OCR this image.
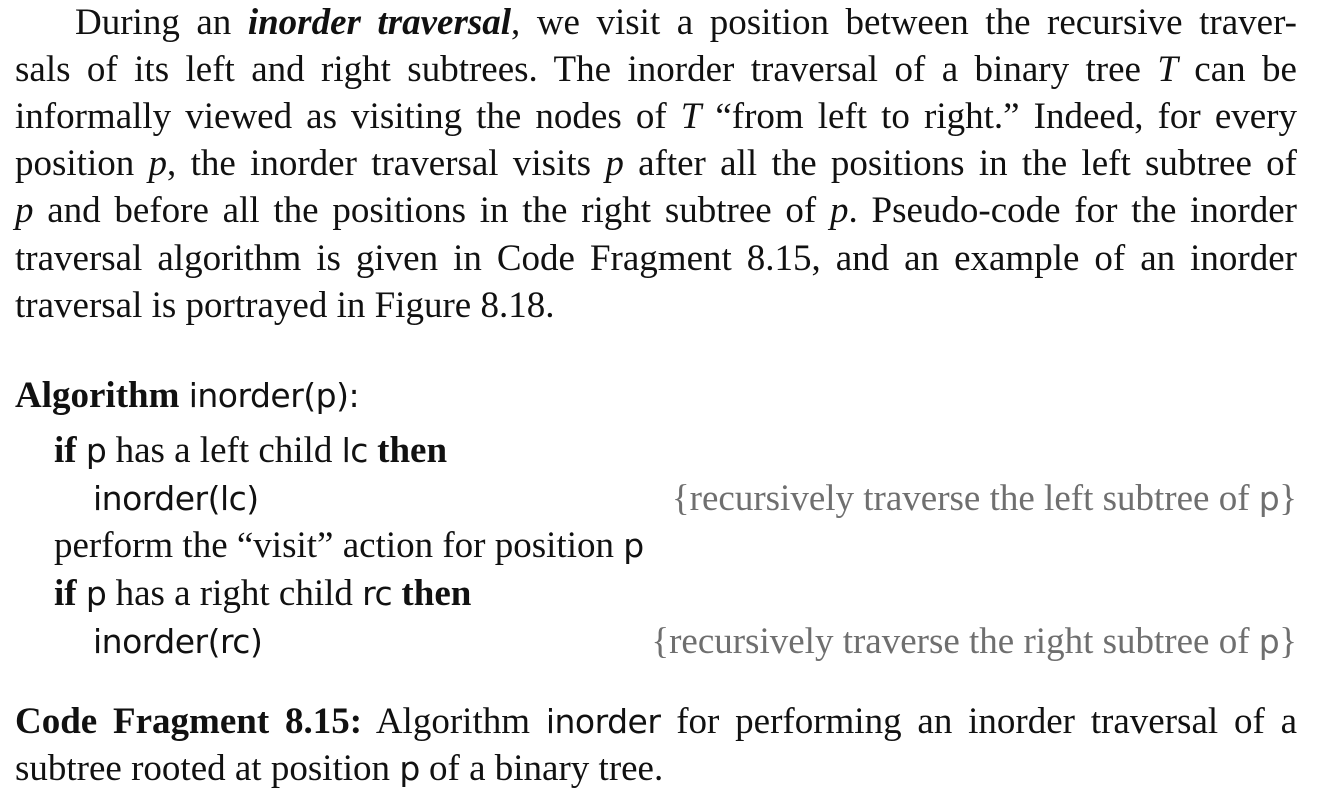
During an inorder traversal, we visit a position between the recursive traver-
sals of its left and right subtrees. The inorder traversal of a binary tree T can be
informally viewed as visiting the nodes of T “from left to right.” Indeed, for every
position p, the inorder traversal visits p after all the positions in the left subtree of
p and before all the positions in the right subtree of p. Pseudo-code for the inorder
traversal algorithm is given in Code Fragment 8.15, and an example of an inorder
traversal is portrayed in Figure 8.18.
Algorithm inorder(p):
if p has a left child lc then
inorder(lc)	{recursively traverse the left subtree of p}
perform the “visit” action for position p
if p has a right child rc then
inorder(rc)	{recursively traverse the right subtree of p}
Code Fragment 8.15: Algorithm inorder for performing an inorder traversal of a
subtree rooted at position p of a binary tree.
